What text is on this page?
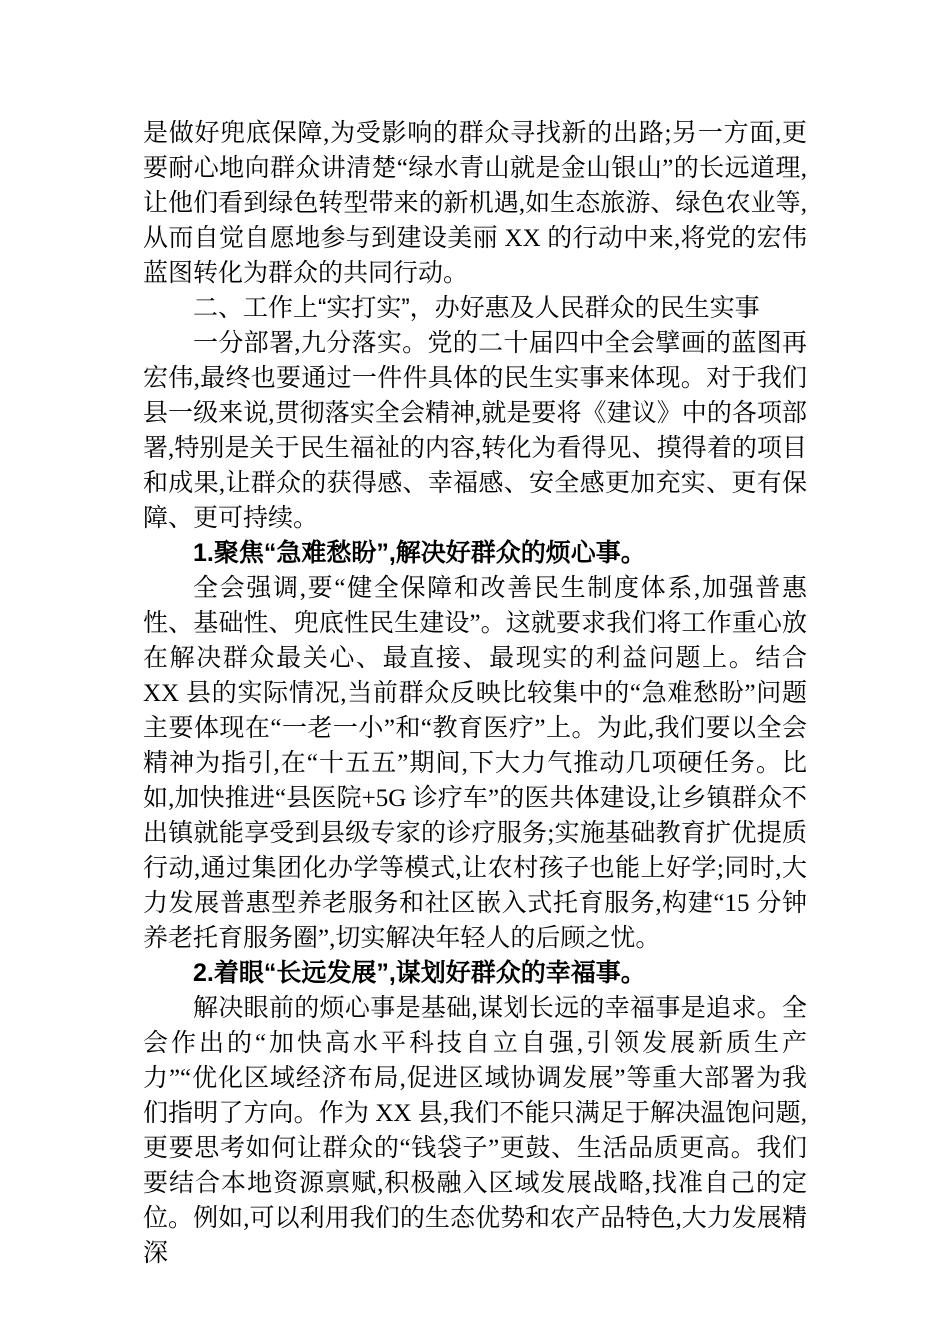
是做好兜底保障,为受影响的群众寻找新的出路;另一方面,更要耐心地向群众讲清楚“绿水青山就是金山银山”的长远道理,让他们看到绿色转型带来的新机遇,如生态旅游、绿色农业等,从而自觉自愿地参与到建设美丽 XX 的行动中来,将党的宏伟蓝图转化为群众的共同行动。

二、工作上“实打实”，办好惠及人民群众的民生实事

一分部署,九分落实。党的二十届四中全会擘画的蓝图再宏伟,最终也要通过一件件具体的民生实事来体现。对于我们县一级来说,贯彻落实全会精神,就是要将《建议》中的各项部署,特别是关于民生福祉的内容,转化为看得见、摸得着的项目和成果,让群众的获得感、幸福感、安全感更加充实、更有保障、更可持续。

1.聚焦“急难愁盼”,解决好群众的烦心事。

全会强调,要“健全保障和改善民生制度体系,加强普惠性、基础性、兜底性民生建设”。这就要求我们将工作重心放在解决群众最关心、最直接、最现实的利益问题上。结合 XX 县的实际情况,当前群众反映比较集中的“急难愁盼”问题主要体现在“一老一小”和“教育医疗”上。为此,我们要以全会精神为指引,在“十五五”期间,下大力气推动几项硬任务。比如,加快推进“县医院+5G 诊疗车”的医共体建设,让乡镇群众不出镇就能享受到县级专家的诊疗服务;实施基础教育扩优提质行动,通过集团化办学等模式,让农村孩子也能上好学;同时,大力发展普惠型养老服务和社区嵌入式托育服务,构建“15 分钟养老托育服务圈”,切实解决年轻人的后顾之忧。

2.着眼“长远发展”,谋划好群众的幸福事。

解决眼前的烦心事是基础,谋划长远的幸福事是追求。全会作出的“加快高水平科技自立自强,引领发展新质生产力”“优化区域经济布局,促进区域协调发展”等重大部署为我们指明了方向。作为 XX 县,我们不能只满足于解决温饱问题,更要思考如何让群众的“钱袋子”更鼓、生活品质更高。我们要结合本地资源禀赋,积极融入区域发展战略,找准自己的定位。例如,可以利用我们的生态优势和农产品特色,大力发展精深
